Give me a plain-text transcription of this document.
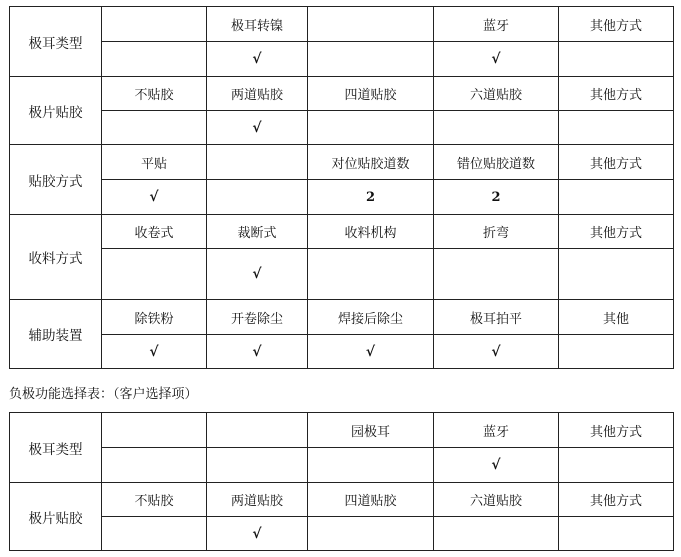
极耳类型		极耳转镍		蓝牙	其他方式
		√		√	
极片贴胶	不贴胶	两道贴胶	四道贴胶	六道贴胶	其他方式
		√			
贴胶方式	平贴		对位贴胶道数	错位贴胶道数	其他方式
	√		2	2	
收料方式	收卷式	裁断式	收料机构	折弯	其他方式
		√			
辅助装置	除铁粉	开卷除尘	焊接后除尘	极耳拍平	其他
	√	√	√	√	
负极功能选择表：（客户选择项）
极耳类型			园极耳	蓝牙	其他方式
				√	
极片贴胶	不贴胶	两道贴胶	四道贴胶	六道贴胶	其他方式
		√			
